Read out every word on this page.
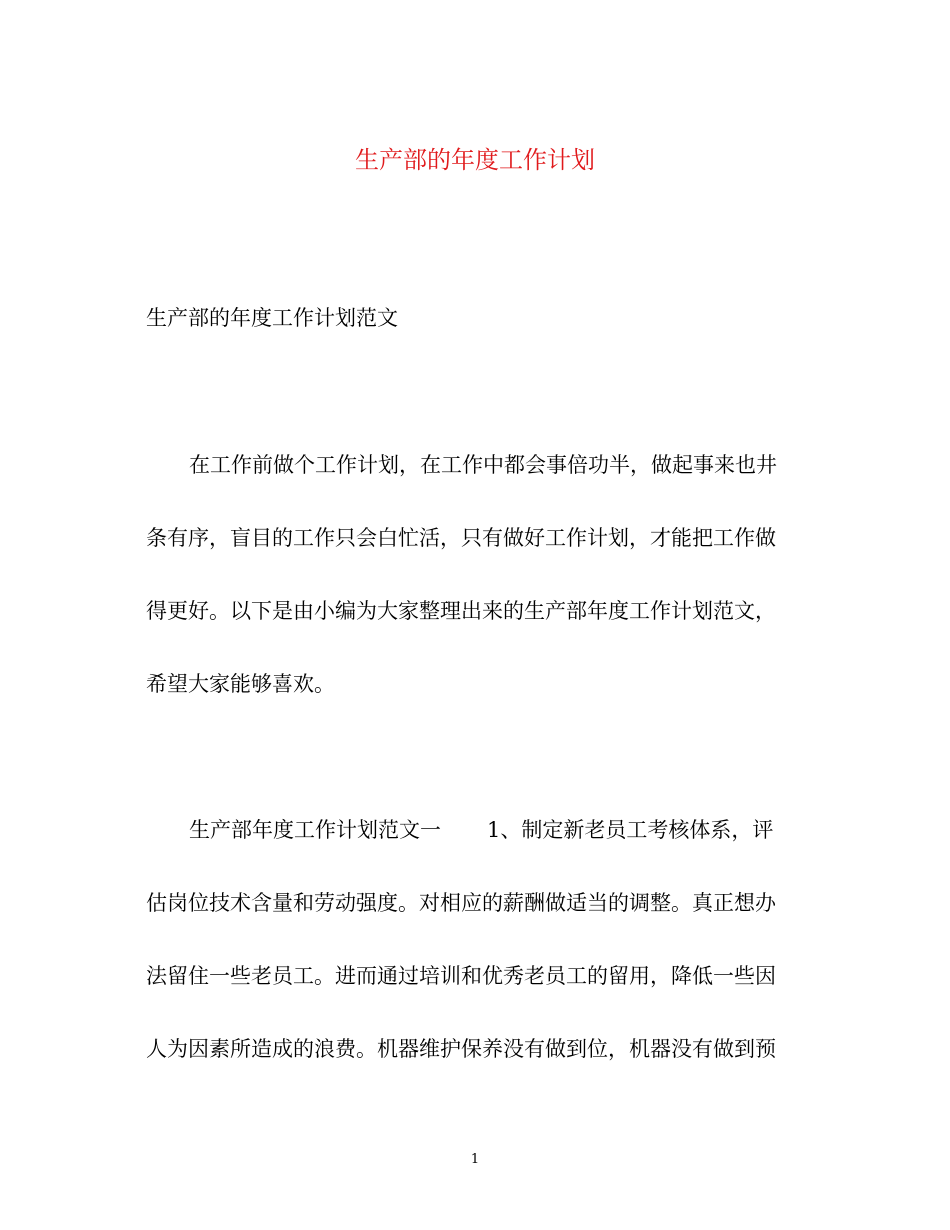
生产部的年度工作计划
生产部的年度工作计划范文
在工作前做个工作计划，在工作中都会事倍功半，做起事来也井
条有序，盲目的工作只会白忙活，只有做好工作计划，才能把工作做
得更好。以下是由小编为大家整理出来的生产部年度工作计划范文，
希望大家能够喜欢。
生产部年度工作计划范文一 1、制定新老员工考核体系，评
估岗位技术含量和劳动强度。对相应的薪酬做适当的调整。真正想办
法留住一些老员工。进而通过培训和优秀老员工的留用，降低一些因
人为因素所造成的浪费。机器维护保养没有做到位，机器没有做到预
1
